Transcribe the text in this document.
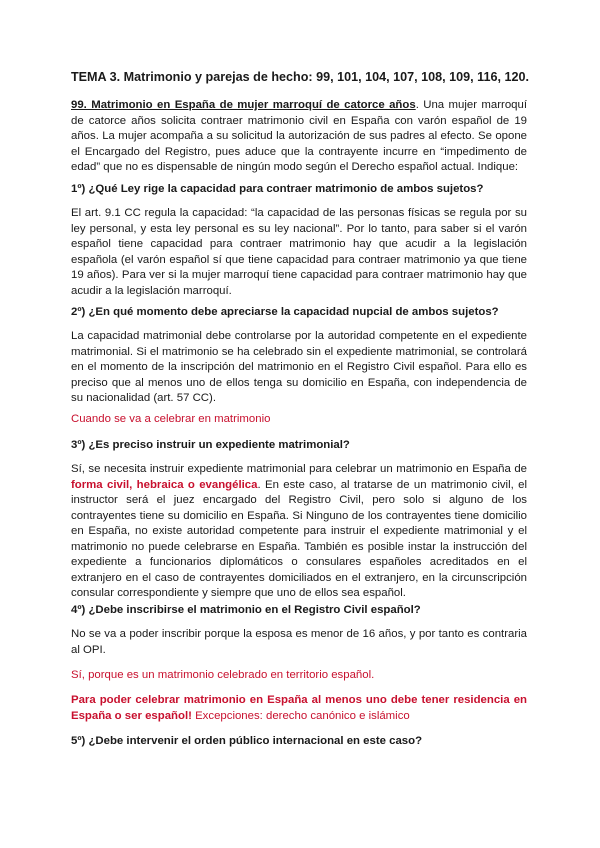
TEMA 3. Matrimonio y parejas de hecho: 99, 101, 104, 107, 108, 109, 116, 120.

99. Matrimonio en España de mujer marroquí de catorce años. Una mujer marroquí de catorce años solicita contraer matrimonio civil en España con varón español de 19 años. La mujer acompaña a su solicitud la autorización de sus padres al efecto. Se opone el Encargado del Registro, pues aduce que la contrayente incurre en “impedimento de edad” que no es dispensable de ningún modo según el Derecho español actual. Indique:

1º) ¿Qué Ley rige la capacidad para contraer matrimonio de ambos sujetos?
El art. 9.1 CC regula la capacidad: “la capacidad de las personas físicas se regula por su ley personal, y esta ley personal es su ley nacional”. Por lo tanto, para saber si el varón español tiene capacidad para contraer matrimonio hay que acudir a la legislación española (el varón español sí que tiene capacidad para contraer matrimonio ya que tiene 19 años). Para ver si la mujer marroquí tiene capacidad para contraer matrimonio hay que acudir a la legislación marroquí.
2º) ¿En qué momento debe apreciarse la capacidad nupcial de ambos sujetos?
La capacidad matrimonial debe controlarse por la autoridad competente en el expediente matrimonial. Si el matrimonio se ha celebrado sin el expediente matrimonial, se controlará en el momento de la inscripción del matrimonio en el Registro Civil español. Para ello es preciso que al menos uno de ellos tenga su domicilio en España, con independencia de su nacionalidad (art. 57 CC).
Cuando se va a celebrar en matrimonio
3º) ¿Es preciso instruir un expediente matrimonial?

Sí, se necesita instruir expediente matrimonial para celebrar un matrimonio en España de forma civil, hebraica o evangélica. En este caso, al tratarse de un matrimonio civil, el instructor será el juez encargado del Registro Civil, pero solo si alguno de los contrayentes tiene su domicilio en España. Si Ninguno de los contrayentes tiene domicilio en España, no existe autoridad competente para instruir el expediente matrimonial y el matrimonio no puede celebrarse en España. También es posible instar la instrucción del expediente a funcionarios diplomáticos o consulares españoles acreditados en el extranjero en el caso de contrayentes domiciliados en el extranjero, en la circunscripción consular correspondiente y siempre que uno de ellos sea español.

4º) ¿Debe inscribirse el matrimonio en el Registro Civil español?
No se va a poder inscribir porque la esposa es menor de 16 años, y por tanto es contraria al OPI.
Sí, porque es un matrimonio celebrado en territorio español.

Para poder celebrar matrimonio en España al menos uno debe tener residencia en España o ser español! Excepciones: derecho canónico e islámico

5º) ¿Debe intervenir el orden público internacional en este caso?
